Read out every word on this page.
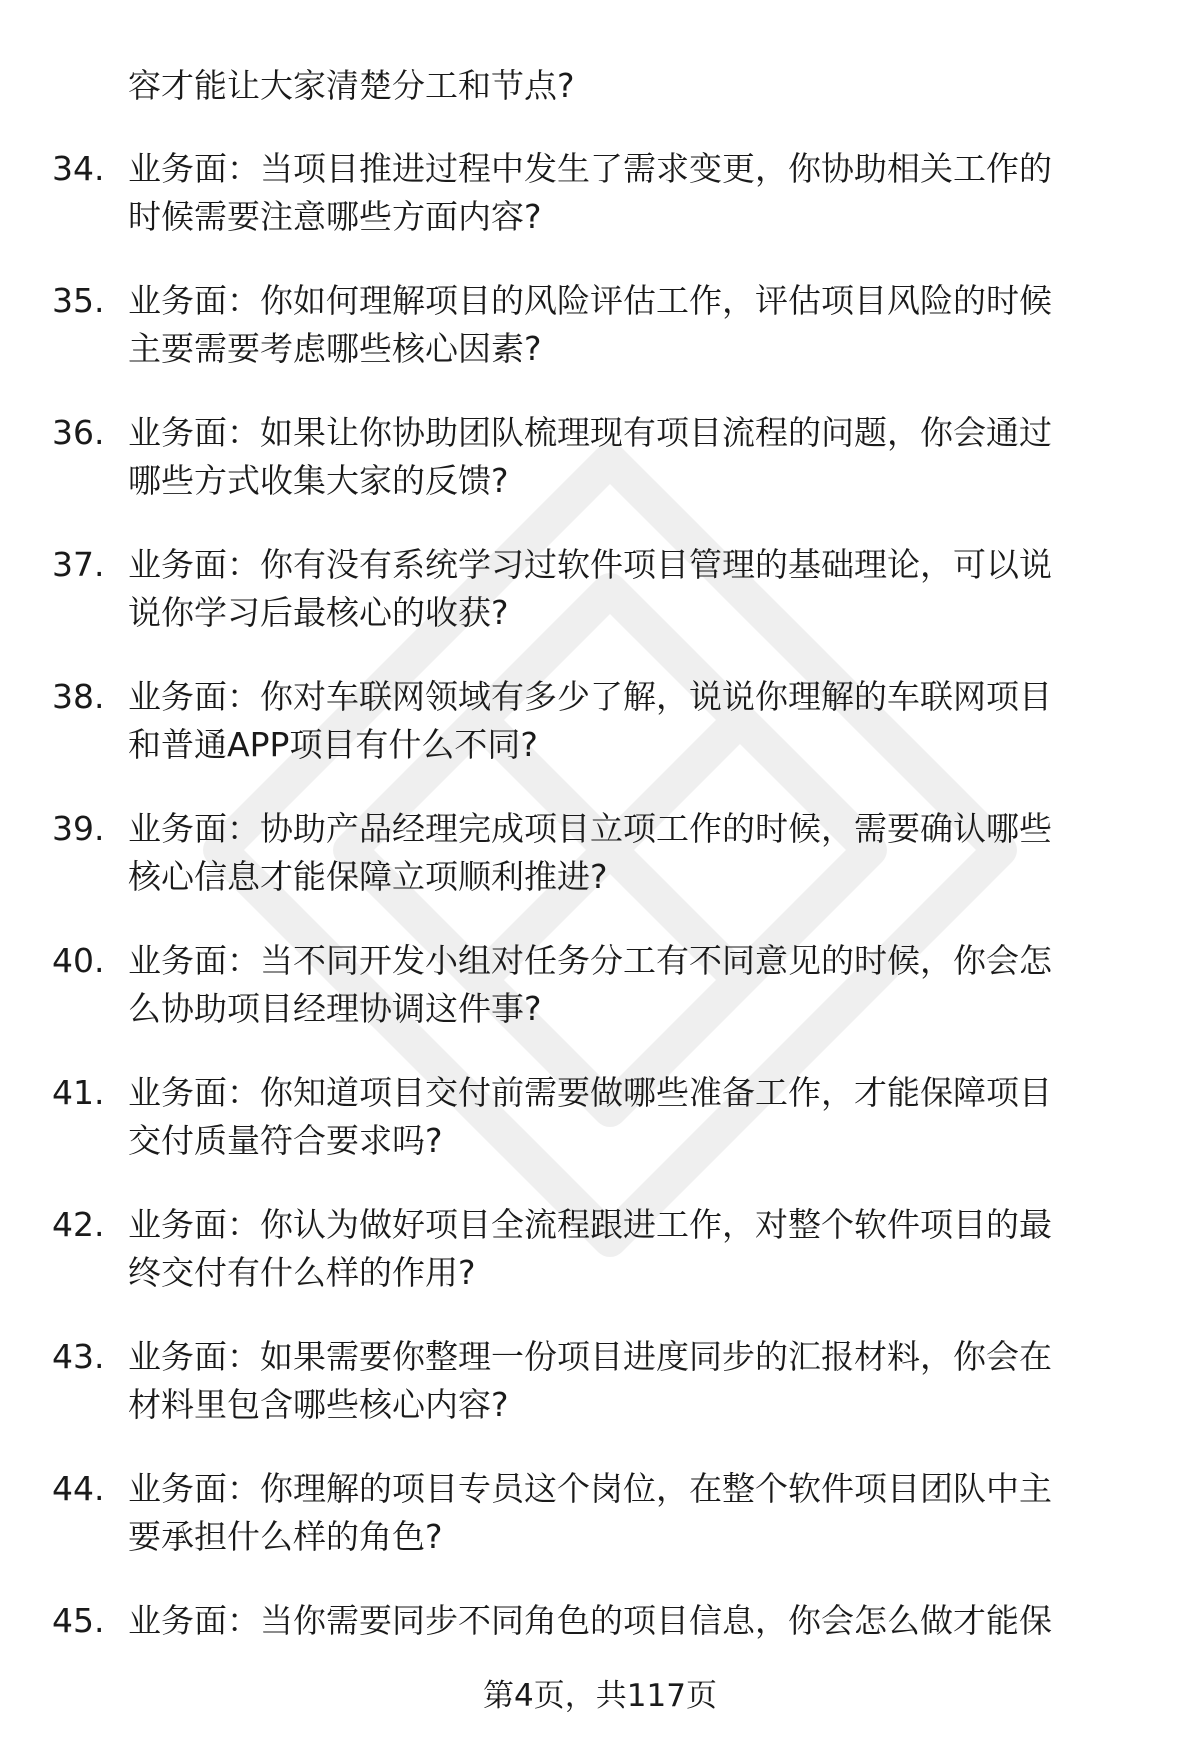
容才能让大家清楚分工和节点?
34. 业务面：当项目推进过程中发生了需求变更，你协助相关工作的
时候需要注意哪些方面内容?
35. 业务面：你如何理解项目的风险评估工作，评估项目风险的时候
主要需要考虑哪些核心因素?
36. 业务面：如果让你协助团队梳理现有项目流程的问题，你会通过
哪些方式收集大家的反馈?
37. 业务面：你有没有系统学习过软件项目管理的基础理论，可以说
说你学习后最核心的收获?
38. 业务面：你对车联网领域有多少了解，说说你理解的车联网项目
和普通APP项目有什么不同?
39. 业务面：协助产品经理完成项目立项工作的时候，需要确认哪些
核心信息才能保障立项顺利推进?
40. 业务面：当不同开发小组对任务分工有不同意见的时候，你会怎
么协助项目经理协调这件事?
41. 业务面：你知道项目交付前需要做哪些准备工作，才能保障项目
交付质量符合要求吗?
42. 业务面：你认为做好项目全流程跟进工作，对整个软件项目的最
终交付有什么样的作用?
43. 业务面：如果需要你整理一份项目进度同步的汇报材料，你会在
材料里包含哪些核心内容?
44. 业务面：你理解的项目专员这个岗位，在整个软件项目团队中主
要承担什么样的角色?
45. 业务面：当你需要同步不同角色的项目信息，你会怎么做才能保
第4页，共117页
